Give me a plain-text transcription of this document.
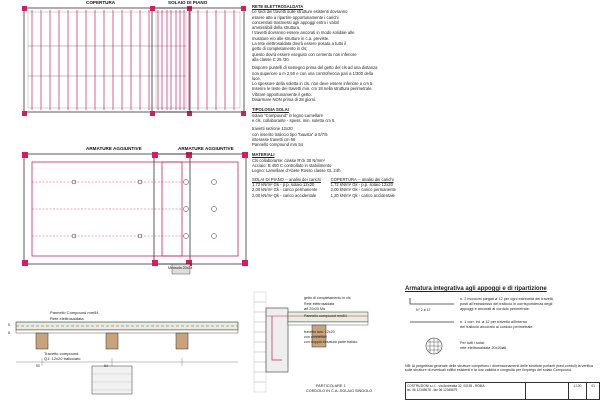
COPERTURA	SOLAIO DI PIANO
ARMATURE AGGIUNTIVE
Mensola 20x24
ARMATURE AGGIUNTIVE
Pannello Compound mm54
Rete elettrosaldata
Travetto compound
Q1: 12x20 tralicciato
50	64
5
8
getto di completamento in cls
Rete elettrosaldata
ø8 20x20 Ma
Pannello compound mm54
travetto lam. 12x20
con connettori
con doppia fresatura parte tralicio
PARTICOLARE 1
CORDOLO IN C.A.-SOLAIO SINGOLO
RETE ELETTROSALDATA
Le sedi dei travetti sulle strutture esistenti dovranno
essere atte a ripartire opportunamente i carichi
concentrati trasmessi agli appoggi entro i valori
ammissibili della struttura.
I travetti dovranno essere ancorati in modo solidale alle
murature e/o alle strutture in c.a. previste.
La rete elettrosaldata dovrà essere posata a tutto il
getto di completamento in cls;
questo dovrà essere eseguito con cemento non inferiore
alla classe C 25 /30.
Disporre puntelli di sostegno prima del getto del cls ad una distanza
non superiore a m 2,50 e con una controfreccia pari a 1/300 della
luce.
Lo spessore della soletta in cls. non deve essere inferiore a cm 5.
Inserire le teste dei travetti min. cm 18 nella struttura perimetrale.
Vibrare opportunamente il getto.
Disarmare NON prima di 28 giorni.
TIPOLOGIA SOLAI
solaio "Compound" in legno Lamellare
e cls. collaborante - spess. min. soletta cm 5
travetti sezione 12x20
con inserito traliccio tipo "bausta" ø 5/7/5
interasse travetti cm 66
Pannello compound mm 54
MATERIALI
Cls collaborante: classe R'ck 30 N/mm²
Acciaio: B 450 C controllato in stabilimento
Legno: Lamellare d'Abete Rosso classe GL 24h
SOLAI DI PIANO -- analisi dei carichi
1,72 kN/m² Gk - p.p. solaio 12x20
2,00 kN/m² Gk - carico permanente
2,00 kN/m² Qk - carico accidentale
COPERTURA -- analisi dei carichi
1,72 kN/m² Gk - p.p. solaio 12x20
2,00 kN/m² Gk - carico permanente
1,20 kN/m² Qk - carico accidentale
Armatura integrativa agli appoggi e di ripartizione
N° 2 ø 12
n. 2 monconi piegati ø 12 per ogni estremità dei travetti,
posti all'estradosso del traliccio in corrispondenza degli
appoggi e ancorati al cordolo perimetrale.
n. 1 corr. int. ø 12 per travetto all'interno
del traliccio ancorato al cordolo perimetrale.
Per tutti i solai:
rete elettrosaldata 20x20ø6
NB: Al progettista generale delle strutture competono i dimensionamenti delle strutture portanti (travi,cordoli) la verifica sulle strutture di eventuali edifici esistenti e la loro validità e congruità per l'impiego del solaio Compound.
COSTRUZIONI s.r.l. - via Andreatta 32, 00155 - ROMA
tel. 06 12345678 - fax 06 12345679
1:100	01
